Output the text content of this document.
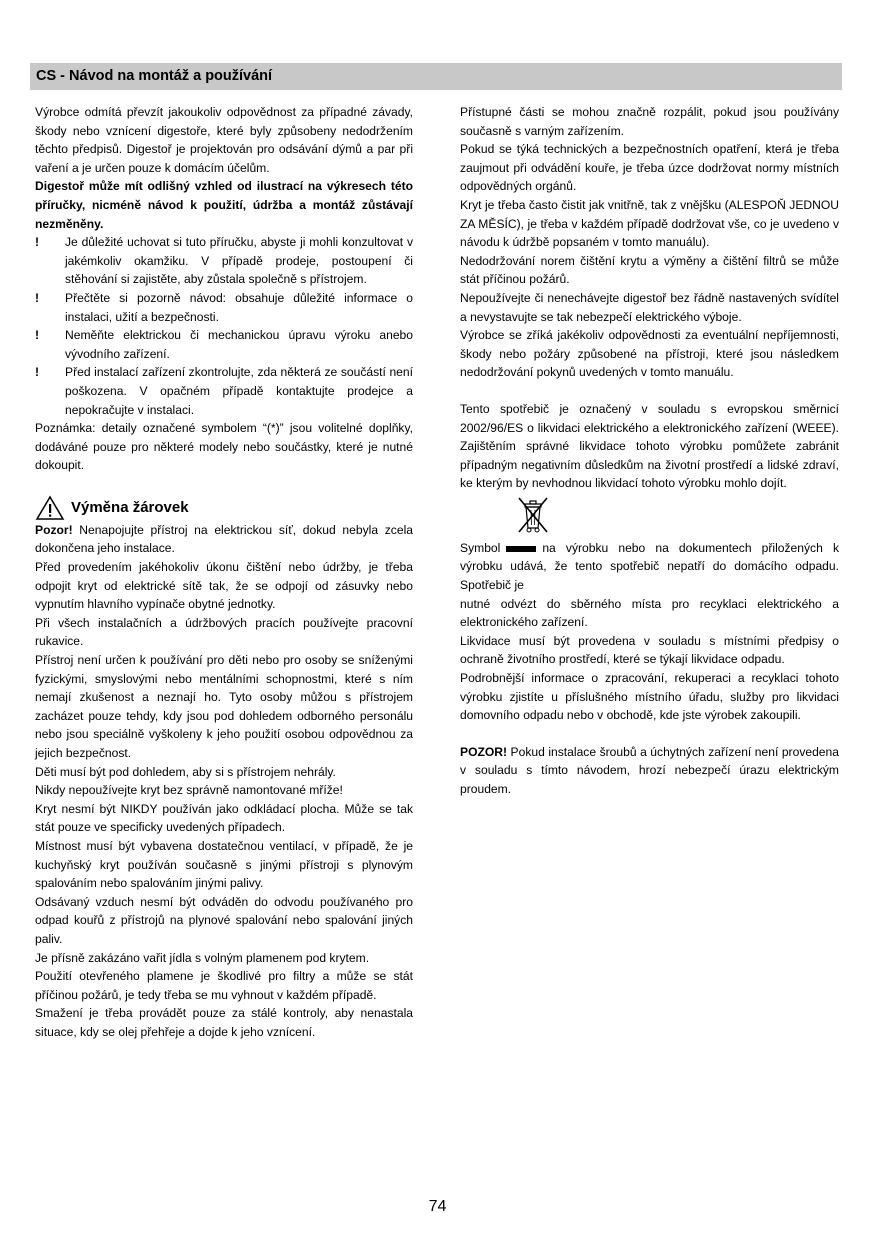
CS - Návod na montáž a používání

Výrobce odmítá převzít jakoukoliv odpovědnost za případné závady, škody nebo vznícení digestoře, které byly způsobeny nedodržením těchto předpisů. Digestoř je projektován pro odsávání dýmů a par při vaření a je určen pouze k domácím účelům.

Digestoř může mít odlišný vzhled od ilustrací na výkresech této příručky, nicméně návod k použití, údržba a montáž zůstávají nezměněny.

! Je důležité uchovat si tuto příručku, abyste ji mohli konzultovat v jakémkoliv okamžiku. V případě prodeje, postoupení či stěhování si zajistěte, aby zůstala společně s přístrojem.
! Přečtěte si pozorně návod: obsahuje důležité informace o instalaci, užití a bezpečnosti.
! Neměňte elektrickou či mechanickou úpravu výroku anebo vývodního zařízení.
! Před instalací zařízení zkontrolujte, zda některá ze součástí není poškozena. V opačném případě kontaktujte prodejce a nepokračujte v instalaci.

Poznámka: detaily označené symbolem “(*)” jsou volitelné doplňky, dodáváné pouze pro některé modely nebo součástky, které je nutné dokoupit.

Výměna žárovek

Pozor! Nenapojujte přístroj na elektrickou síť, dokud nebyla zcela dokončena jeho instalace.

Před provedením jakéhokoliv úkonu čištění nebo údržby, je třeba odpojit kryt od elektrické sítě tak, že se odpojí od zásuvky nebo vypnutím hlavního vypínače obytné jednotky.

Při všech instalačních a údržbových pracích používejte pracovní rukavice.

Přístroj není určen k používání pro děti nebo pro osoby se sníženými fyzickými, smyslovými nebo mentálními schopnostmi, které s ním nemají zkušenost a neznají ho. Tyto osoby můžou s přístrojem zacházet pouze tehdy, kdy jsou pod dohledem odborného personálu nebo jsou speciálně vyškoleny k jeho použití osobou odpovědnou za jejich bezpečnost.

Děti musí být pod dohledem, aby si s přístrojem nehrály.

Nikdy nepoužívejte kryt bez správně namontované mříže!

Kryt nesmí být NIKDY používán jako odkládací plocha. Může se tak stát pouze ve specificky uvedených případech.

Místnost musí být vybavena dostatečnou ventilací, v případě, že je kuchyňský kryt používán současně s jinými přístroji s plynovým spalováním nebo spalováním jinými palivy.

Odsávaný vzduch nesmí být odváděn do odvodu používaného pro odpad kouřů z přístrojů na plynové spalování nebo spalování jiných paliv.

Je přísně zakázáno vařit jídla s volným plamenem pod krytem.

Použití otevřeného plamene je škodlivé pro filtry a může se stát příčinou požárů, je tedy třeba se mu vyhnout v každém případě.

Smažení je třeba provádět pouze za stálé kontroly, aby nenastala situace, kdy se olej přehřeje a dojde k jeho vznícení.

Přístupné části se mohou značně rozpálit, pokud jsou používány současně s varným zařízením.

Pokud se týká technických a bezpečnostních opatření, která je třeba zaujmout při odvádění kouře, je třeba úzce dodržovat normy místních odpovědných orgánů.

Kryt je třeba často čistit jak vnitřně, tak z vnějšku (ALESPOŇ JEDNOU ZA MĚSÍC), je třeba v každém případě dodržovat vše, co je uvedeno v návodu k údržbě popsaném v tomto manuálu).

Nedodržování norem čištění krytu a výměny a čištění filtrů se může stát příčinou požárů.

Nepoužívejte či nenechávejte digestoř bez řádně nastavených svídítel a nevystavujte se tak nebezpečí elektrického výboje.

Výrobce se zříká jakékoliv odpovědnosti za eventuální nepříjemnosti, škody nebo požáry způsobené na přístroji, které jsou následkem nedodržování pokynů uvedených v tomto manuálu.

Tento spotřebič je označený v souladu s evropskou směrnicí 2002/96/ES o likvidaci elektrického a elektronického zařízení (WEEE). Zajištěním správné likvidace tohoto výrobku pomůžete zabránit případným negativním důsledkům na životní prostředí a lidské zdraví, ke kterým by nevhodnou likvidací tohoto výrobku mohlo dojít.

Symbol	na výrobku nebo na dokumentech přiložených k výrobku udává, že tento spotřebič nepatří do domácího odpadu. Spotřebič je

nutné odvézt do sběrného místa pro recyklaci elektrického a elektronického zařízení.

Likvidace musí být provedena v souladu s místními předpisy o ochraně životního prostředí, které se týkají likvidace odpadu.

Podrobnější informace o zpracování, rekuperaci a recyklaci tohoto výrobku zjistíte u příslušného místního úřadu, služby pro likvidaci domovního odpadu nebo v obchodě, kde jste výrobek zakoupili.

POZOR! Pokud instalace šroubů a úchytných zařízení není provedena v souladu s tímto návodem, hrozí nebezpečí úrazu elektrickým proudem.

74
